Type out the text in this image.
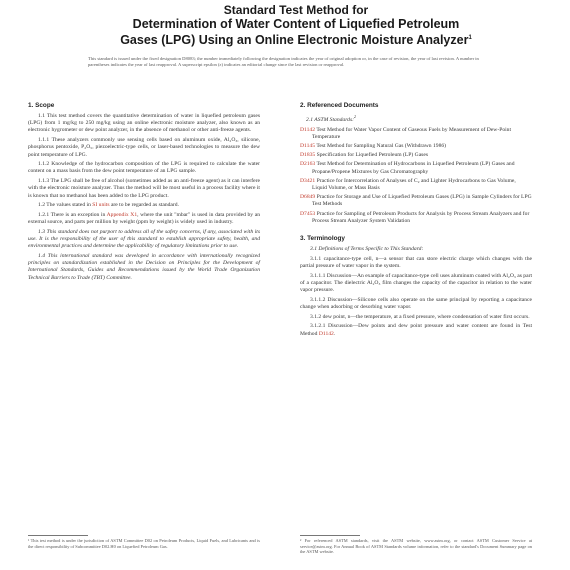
Standard Test Method for
Determination of Water Content of Liquefied Petroleum
Gases (LPG) Using an Online Electronic Moisture Analyzer$^1$
This standard is issued under the fixed designation D8083; the number immediately following the designation indicates the year of original adoption or, in the case of revision, the year of last revision. A number in parentheses indicates the year of last reapproval. A superscript epsilon (ε) indicates an editorial change since the last revision or reapproval.
1. Scope
1.1 This test method covers the quantitative determination of water in liquefied petroleum gases (LPG) from 1 mg/kg to 250 mg/kg using an online electronic moisture analyzer, also known as an electronic hygrometer or dew point analyzer, in the absence of methanol or other anti-freeze agents.
1.1.1 These analyzers commonly use sensing cells based on aluminum oxide, Al₂O₃, silicone, phosphorus pentoxide, P₂O₅, piezoelectric-type cells, or laser-based technologies to measure the dew point temperature of LPG.
1.1.2 Knowledge of the hydrocarbon composition of the LPG is required to calculate the water content on a mass basis from the dew point temperature of an LPG sample.
1.1.3 The LPG shall be free of alcohol (sometimes added as an anti-freeze agent) as it can interfere with the electronic moisture analyzer. Thus the method will be most useful in a process facility where it is known that no methanol has been added to the LPG product.
1.2 The values stated in SI units are to be regarded as standard.
1.2.1 There is an exception in Appendix X1, where the unit "mbar" is used in data provided by an external source, and parts per million by weight (ppm by weight) is widely used in industry.
1.3 This standard does not purport to address all of the safety concerns, if any, associated with its use. It is the responsibility of the user of this standard to establish appropriate safety, health, and environmental practices and determine the applicability of regulatory limitations prior to use.
1.4 This international standard was developed in accordance with internationally recognized principles on standardization established in the Decision on Principles for the Development of International Standards, Guides and Recommendations issued by the World Trade Organization Technical Barriers to Trade (TBT) Committee.
2. Referenced Documents
2.1 ASTM Standards:$^2$
D1142 Test Method for Water Vapor Content of Gaseous Fuels by Measurement of Dew-Point Temperature
D1145 Test Method for Sampling Natural Gas (Withdrawn 1986)
D1835 Specification for Liquefied Petroleum (LP) Gases
D2163 Test Method for Determination of Hydrocarbons in Liquefied Petroleum (LP) Gases and Propane/Propene Mixtures by Gas Chromatography
D3421 Practice for Intercorrelation of Analyses of C₂ and Lighter Hydrocarbons to Gas Volume, Liquid Volume, or Mass Basis
D6849 Practice for Storage and Use of Liquefied Petroleum Gases (LPG) in Sample Cylinders for LPG Test Methods
D7453 Practice for Sampling of Petroleum Products for Analysis by Process Stream Analyzers and for Process Stream Analyzer System Validation
3. Terminology
3.1 Definitions of Terms Specific to This Standard:
3.1.1 capacitance-type cell, n—a sensor that can store electric charge which changes with the partial pressure of water vapor in the system.
3.1.1.1 Discussion—An example of capacitance-type cell uses aluminum coated with Al₂O₃ as part of a capacitor. The dielectric Al₂O₃ film changes the capacity of the capacitor in relation to the water vapor pressure.
3.1.1.2 Discussion—Silicone cells also operate on the same principal by reporting a capacitance change when adsorbing or desorbing water vapor.
3.1.2 dew point, n—the temperature, at a fixed pressure, where condensation of water first occurs.
3.1.2.1 Discussion—Dew points and dew point pressure and water content are found in Test Method D1142.
¹ This test method is under the jurisdiction of ASTM Committee D02 on Petroleum Products, Liquid Fuels, and Lubricants and is the direct responsibility of Subcommittee D02.H0 on Liquefied Petroleum Gas.
² For referenced ASTM standards, visit the ASTM website, www.astm.org, or contact ASTM Customer Service at service@astm.org. For Annual Book of ASTM Standards volume information, refer to the standard's Document Summary page on the ASTM website.
